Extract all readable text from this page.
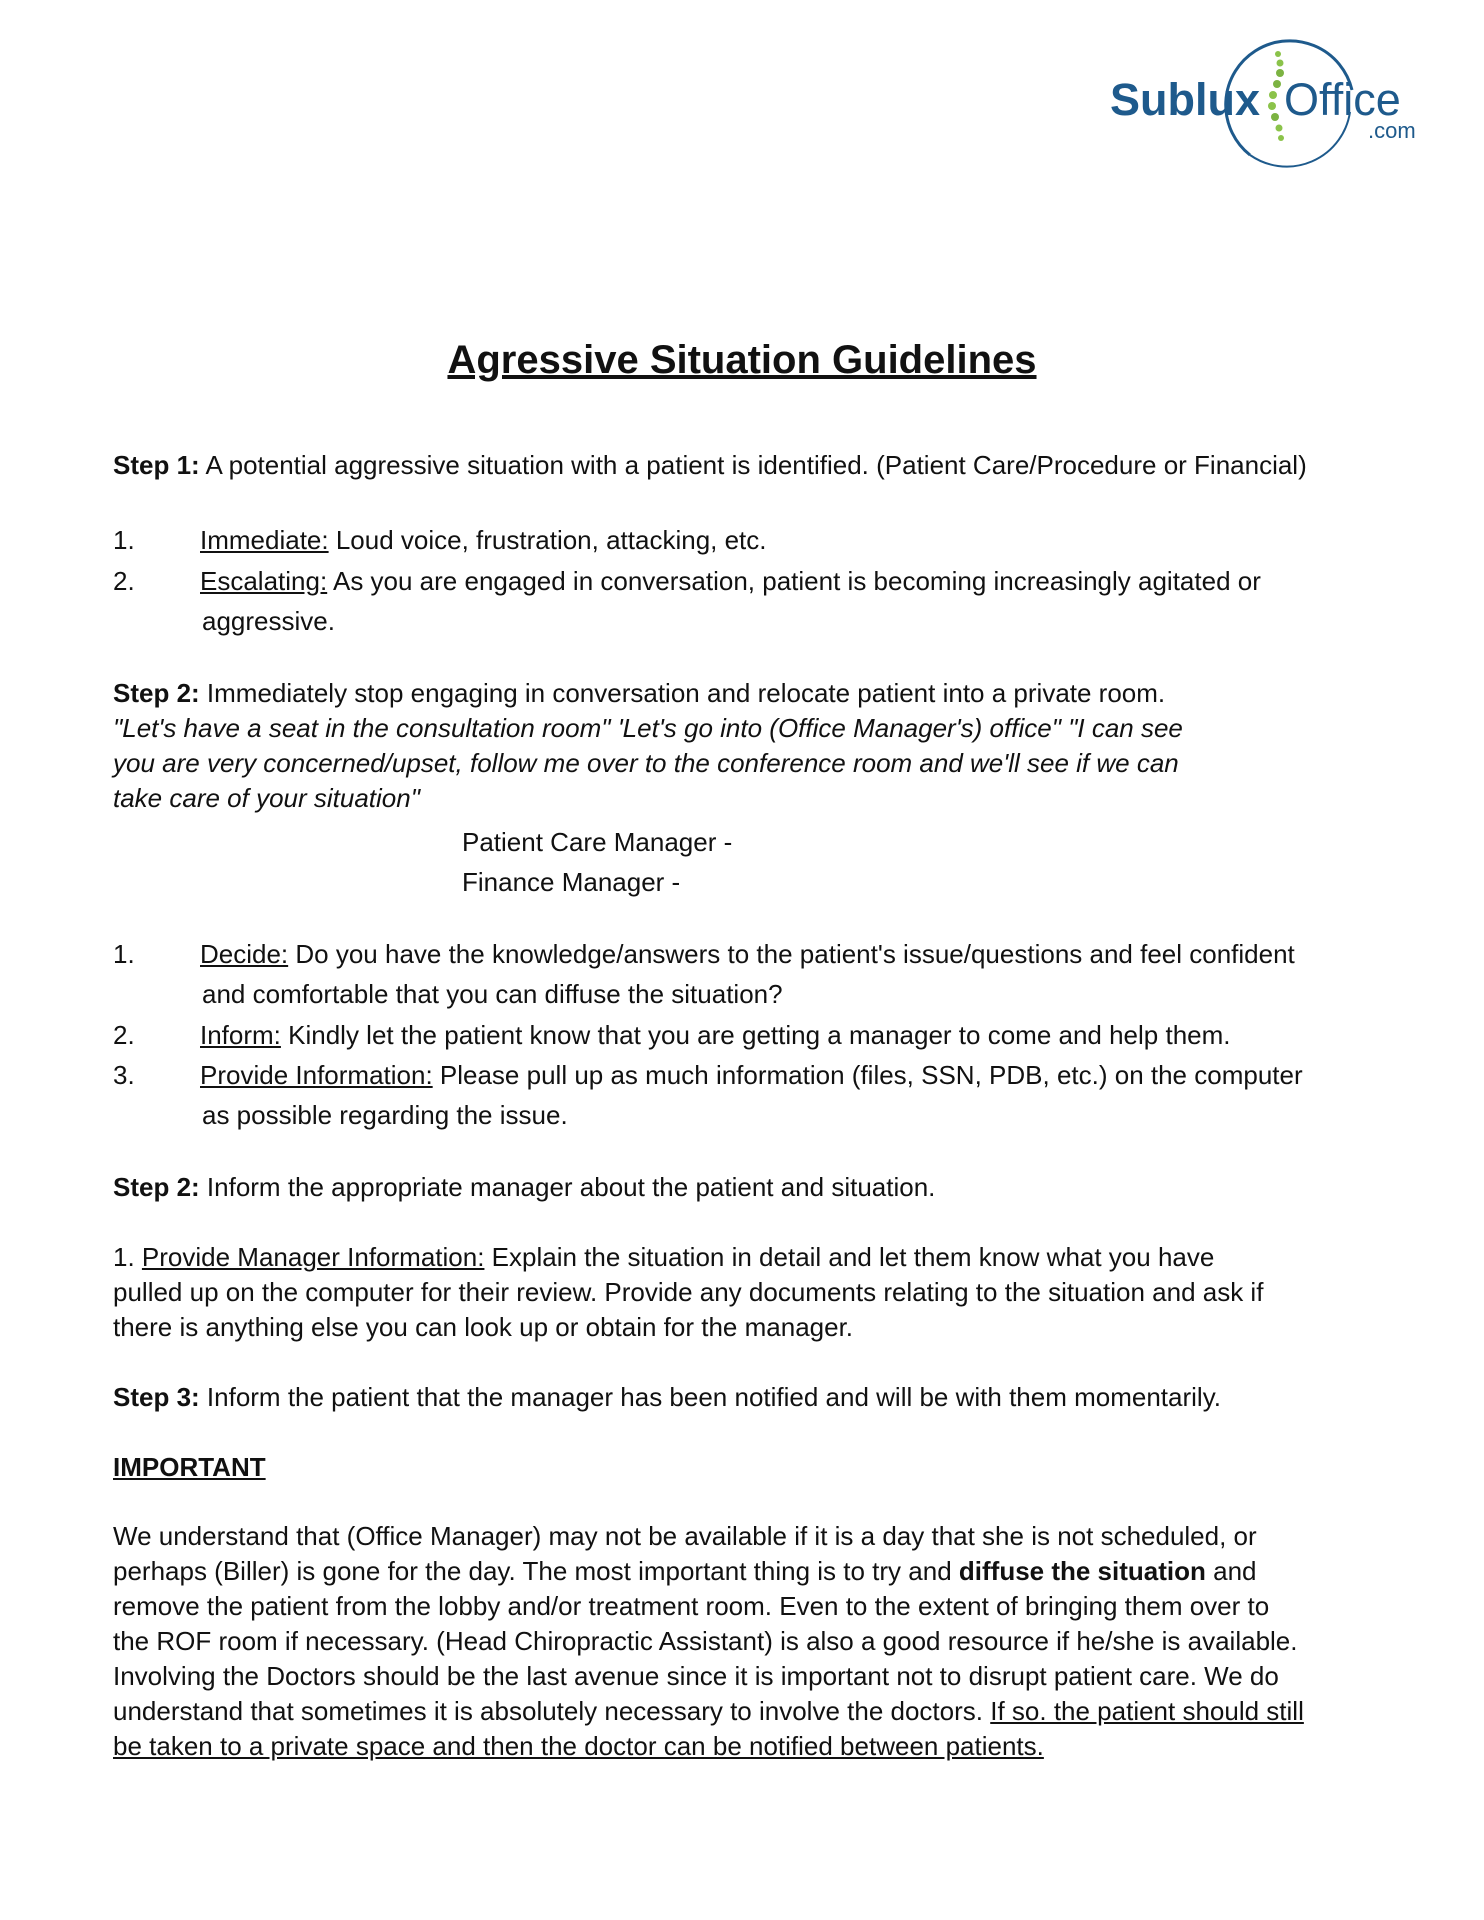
Sublux Office
.com
Agressive Situation Guidelines
Step 1: A potential aggressive situation with a patient is identified. (Patient Care/Procedure or Financial)
1.	Immediate: Loud voice, frustration, attacking, etc.
2.	Escalating: As you are engaged in conversation, patient is becoming increasingly agitated or
aggressive.
Step 2: Immediately stop engaging in conversation and relocate patient into a private room.
"Let's have a seat in the consultation room" 'Let's go into (Office Manager's) office" "I can see
you are very concerned/upset, follow me over to the conference room and we'll see if we can
take care of your situation"
Patient Care Manager -
Finance Manager -
1.	Decide: Do you have the knowledge/answers to the patient's issue/questions and feel confident
and comfortable that you can diffuse the situation?
2.	Inform: Kindly let the patient know that you are getting a manager to come and help them.
3.	Provide Information: Please pull up as much information (files, SSN, PDB, etc.) on the computer
as possible regarding the issue.
Step 2: Inform the appropriate manager about the patient and situation.
1. Provide Manager Information: Explain the situation in detail and let them know what you have
pulled up on the computer for their review. Provide any documents relating to the situation and ask if
there is anything else you can look up or obtain for the manager.
Step 3: Inform the patient that the manager has been notified and will be with them momentarily.
IMPORTANT
We understand that (Office Manager) may not be available if it is a day that she is not scheduled, or
perhaps (Biller) is gone for the day. The most important thing is to try and diffuse the situation and
remove the patient from the lobby and/or treatment room. Even to the extent of bringing them over to
the ROF room if necessary. (Head Chiropractic Assistant) is also a good resource if he/she is available.
Involving the Doctors should be the last avenue since it is important not to disrupt patient care. We do
understand that sometimes it is absolutely necessary to involve the doctors. If so. the patient should still
be taken to a private space and then the doctor can be notified between patients.
